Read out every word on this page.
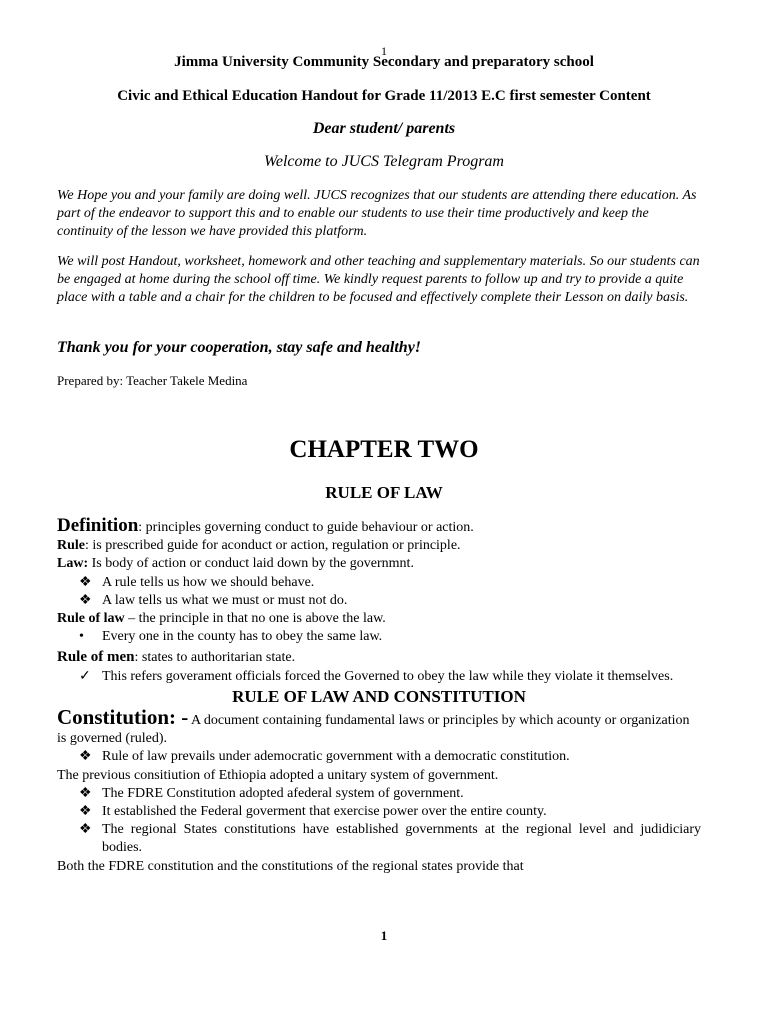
1
Jimma University Community Secondary and preparatory school
Civic and Ethical Education Handout for Grade 11/2013 E.C first semester Content
Dear student/ parents
Welcome to JUCS Telegram Program

We Hope you and your family are doing well. JUCS recognizes that our students are attending there education. As part of the endeavor to support this and to enable our students to use their time productively and keep the continuity of the lesson we have provided this platform.

We will post Handout, worksheet, homework and other teaching and supplementary materials. So our students can be engaged at home during the school off time. We kindly request parents to follow up and try to provide a quite place with a table and a chair for the children to be focused and effectively complete their Lesson on daily basis.

Thank you for your cooperation, stay safe and healthy!
Prepared by: Teacher Takele Medina
CHAPTER TWO
RULE OF LAW
Definition: principles governing conduct to guide behaviour or action.
Rule: is prescribed guide for aconduct or action, regulation or principle.
Law: Is body of action or conduct laid down by the governmnt.
❖ A rule tells us how we should behave.
❖ A law tells us what we must or must not do.
Rule of law – the principle in that no one is above the law.
• Every one in the county has to obey the same law.
Rule of men: states to authoritarian state.
✓ This refers goverament officials forced the Governed to obey the law while they violate it themselves.
RULE OF LAW AND CONSTITUTION
Constitution: - A document containing fundamental laws or principles by which acounty or organization is governed (ruled).
❖ Rule of law prevails under ademocratic government with a democratic constitution.
The previous consitiution of Ethiopia adopted a unitary system of government.
❖ The FDRE Constitution adopted afederal system of government.
❖ It established the Federal goverment that exercise power over the entire county.
❖ The regional States constitutions have established governments at the regional level and judidiciary bodies.
Both the FDRE constitution and the constitutions of the regional states provide that
1
